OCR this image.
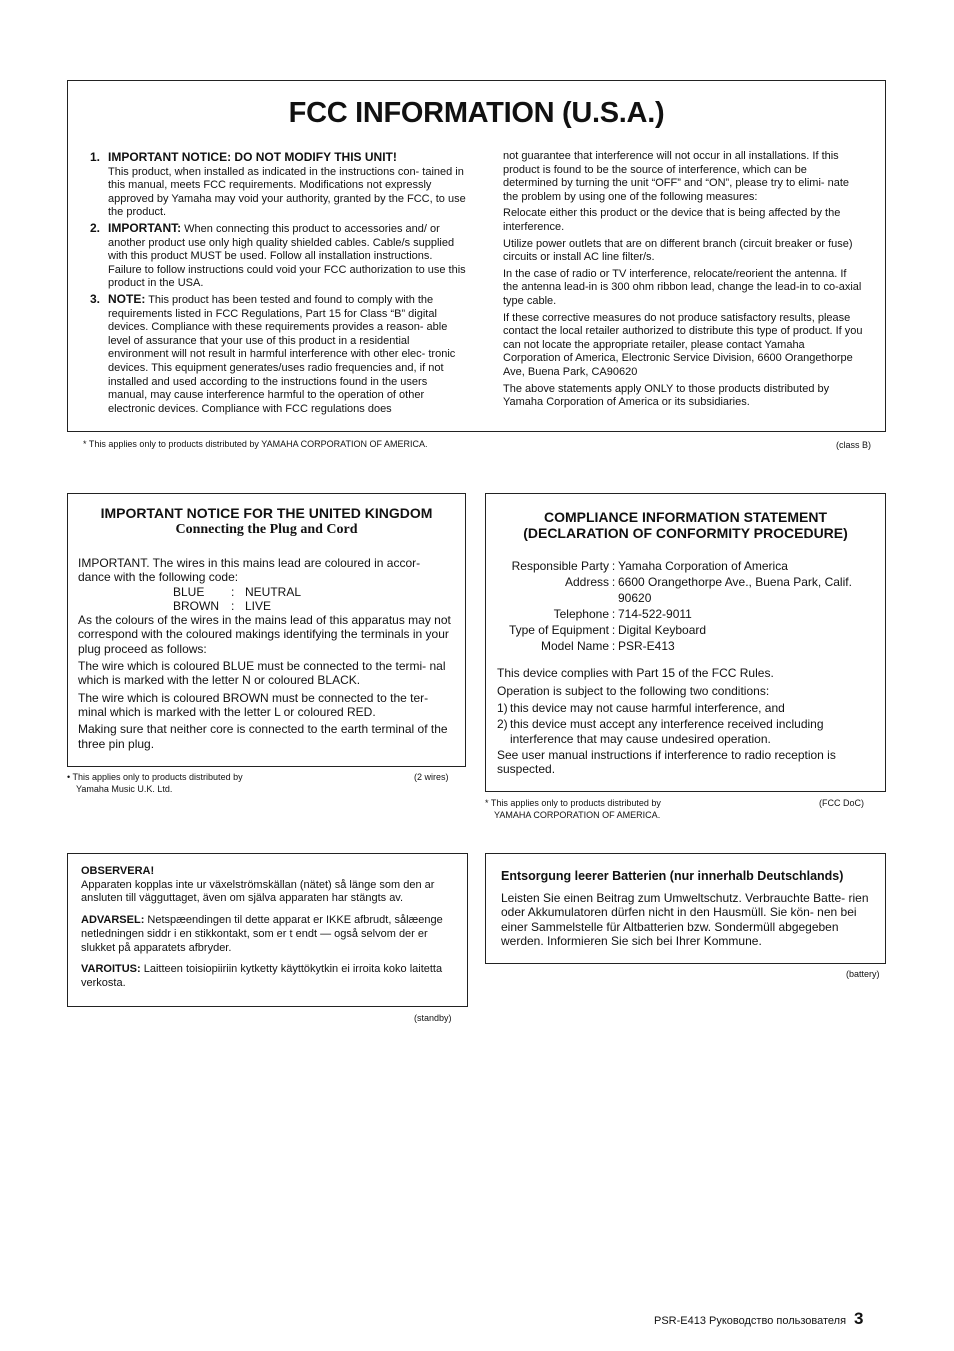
FCC INFORMATION (U.S.A.)
1. IMPORTANT NOTICE: DO NOT MODIFY THIS UNIT!
This product, when installed as indicated in the instructions con- tained in this manual, meets FCC requirements. Modifications not expressly approved by Yamaha may void your authority, granted by the FCC, to use the product.
2. IMPORTANT: When connecting this product to accessories and/ or another product use only high quality shielded cables. Cable/s supplied with this product MUST be used. Follow all installation instructions. Failure to follow instructions could void your FCC authorization to use this product in the USA.
3. NOTE: This product has been tested and found to comply with the requirements listed in FCC Regulations, Part 15 for Class “B” digital devices. Compliance with these requirements provides a reason- able level of assurance that your use of this product in a residential environment will not result in harmful interference with other elec- tronic devices. This equipment generates/uses radio frequencies and, if not installed and used according to the instructions found in the users manual, may cause interference harmful to the operation of other electronic devices. Compliance with FCC regulations does

not guarantee that interference will not occur in all installations. If this product is found to be the source of interference, which can be determined by turning the unit “OFF” and “ON”, please try to elimi- nate the problem by using one of the following measures:

Relocate either this product or the device that is being affected by the interference.

Utilize power outlets that are on different branch (circuit breaker or fuse) circuits or install AC line filter/s.

In the case of radio or TV interference, relocate/reorient the antenna. If the antenna lead-in is 300 ohm ribbon lead, change the lead-in to co-axial type cable.

If these corrective measures do not produce satisfactory results, please contact the local retailer authorized to distribute this type of product. If you can not locate the appropriate retailer, please contact Yamaha Corporation of America, Electronic Service Division, 6600 Orangethorpe Ave, Buena Park, CA90620

The above statements apply ONLY to those products distributed by Yamaha Corporation of America or its subsidiaries.

* This applies only to products distributed by YAMAHA CORPORATION OF AMERICA.	(class B)
IMPORTANT NOTICE FOR THE UNITED KINGDOM
Connecting the Plug and Cord
IMPORTANT. The wires in this mains lead are coloured in accor- dance with the following code:
BLUE : NEUTRAL
BROWN : LIVE

As the colours of the wires in the mains lead of this apparatus may not correspond with the coloured makings identifying the terminals in your plug proceed as follows:

The wire which is coloured BLUE must be connected to the termi- nal which is marked with the letter N or coloured BLACK.

The wire which is coloured BROWN must be connected to the ter- minal which is marked with the letter L or coloured RED.

Making sure that neither core is connected to the earth terminal of the three pin plug.

• This applies only to products distributed by
Yamaha Music U.K. Ltd.
(2 wires)
COMPLIANCE INFORMATION STATEMENT
(DECLARATION OF CONFORMITY PROCEDURE)
Responsible Party	:	Yamaha Corporation of America
Address	:	6600 Orangethorpe Ave., Buena Park, Calif. 90620
Telephone	:	714-522-9011
Type of Equipment	:	Digital Keyboard
Model Name	:	PSR-E413

This device complies with Part 15 of the FCC Rules.

Operation is subject to the following two conditions:
1) this device may not cause harmful interference, and
2) this device must accept any interference received including interference that may cause undesired operation.

See user manual instructions if interference to radio reception is suspected.

* This applies only to products distributed by
YAMAHA CORPORATION OF AMERICA.
(FCC DoC)

OBSERVERA!
Apparaten kopplas inte ur växelströmskällan (nätet) så länge som den ar ansluten till vägguttaget, även om själva apparaten har stängts av.

ADVARSEL: Netspæendingen til dette apparat er IKKE afbrudt, sålæenge netledningen siddr i en stikkontakt, som er t endt — også selvom der er slukket på apparatets afbryder.

VAROITUS: Laitteen toisiopiiriin kytketty käyttökytkin ei irroita koko laitetta verkosta.

(standby)
Entsorgung leerer Batterien (nur innerhalb Deutschlands)
Leisten Sie einen Beitrag zum Umweltschutz. Verbrauchte Batte- rien oder Akkumulatoren dürfen nicht in den Hausmüll. Sie kön- nen bei einer Sammelstelle für Altbatterien bzw. Sondermüll abgegeben werden. Informieren Sie sich bei Ihrer Kommune.
(battery)
PSR-E413 Руководство пользователя 3
